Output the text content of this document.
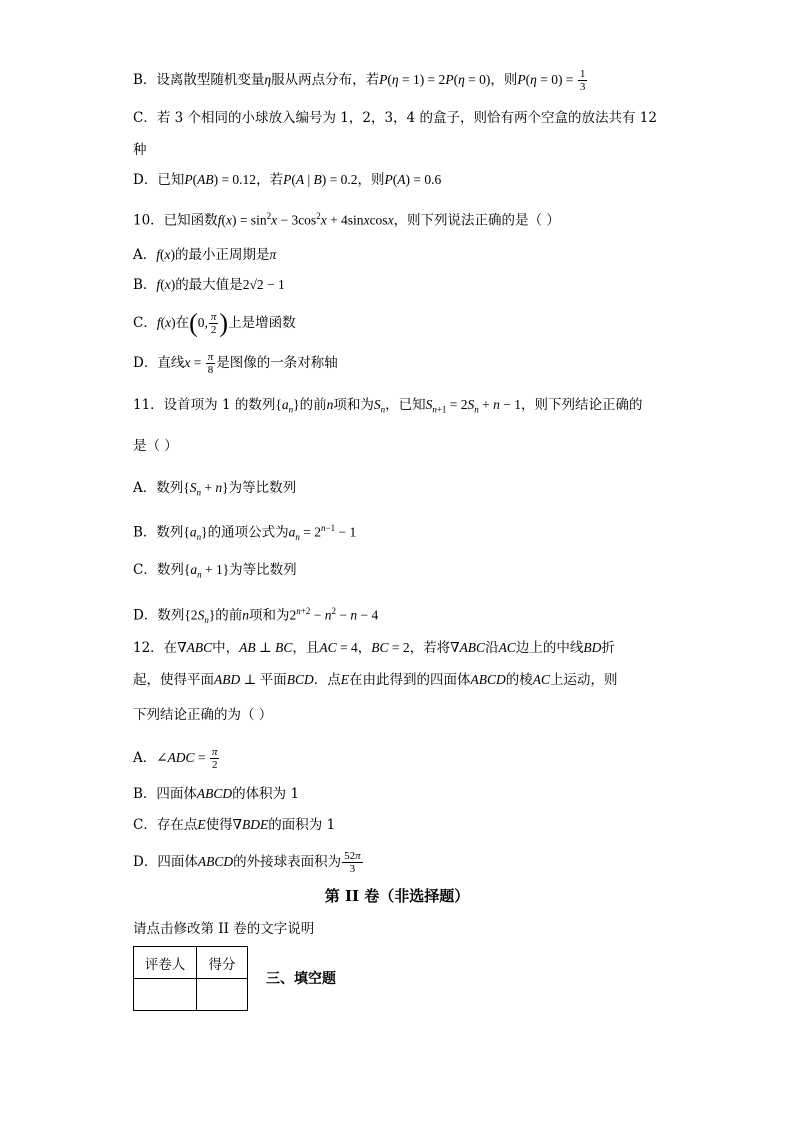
B．设离散型随机变量η服从两点分布，若P(η = 1) = 2P(η = 0)，则$P(\eta = 0) = \frac{1}{3}$
C．若 3 个相同的小球放入编号为 1，2，3，4 的盒子，则恰有两个空盒的放法共有 12
种
D．已知P(AB) = 0.12，若P(A | B) = 0.2，则P(A) = 0.6
10．已知函数$f(x) = \sin^2x - 3\cos^2x$ + 4sinxcosx，则下列说法正确的是（ ）
A．f(x)的最小正周期是π
B．f(x)的最大值是2√2 − 1
C．f(x)在(0, $\frac{\pi}{2}$ )上是增函数
D．直线$x = \frac{\pi}{8}$ 是图像的一条对称轴
11．设首项为 1 的数列$\{a_n\}$的前n项和为$S_n$，已知$S_{n+1} = 2S_n + n - 1$，则下列结论正确的
是（ ）
A．数列$\{S_n + n\}$为等比数列
B．数列$\{a_n\}$的通项公式为$a_n = 2^{n-1} - 1$
C．数列$\{a_n + 1\}$为等比数列
D．数列$\{2S_n\}$的前n项和为$2^{n+2} - n^2 - n - 4$
12．在∇ABC中，AB ⊥ BC，且AC = 4，BC = 2，若将∇ABC沿AC边上的中线BD折
起，使得平面ABD ⊥ 平面BCD．点E在由此得到的四面体ABCD的棱AC上运动，则
下列结论正确的为（ ）
A．∠ADC = $\frac{\pi}{2}$
B．四面体ABCD的体积为 1
C．存在点E使得∇BDE的面积为 1
D．四面体ABCD的外接球表面积为 $\frac{52\pi}{3}$
第 II 卷（非选择题）
请点击修改第 II 卷的文字说明
评卷人	得分

三、填空题
